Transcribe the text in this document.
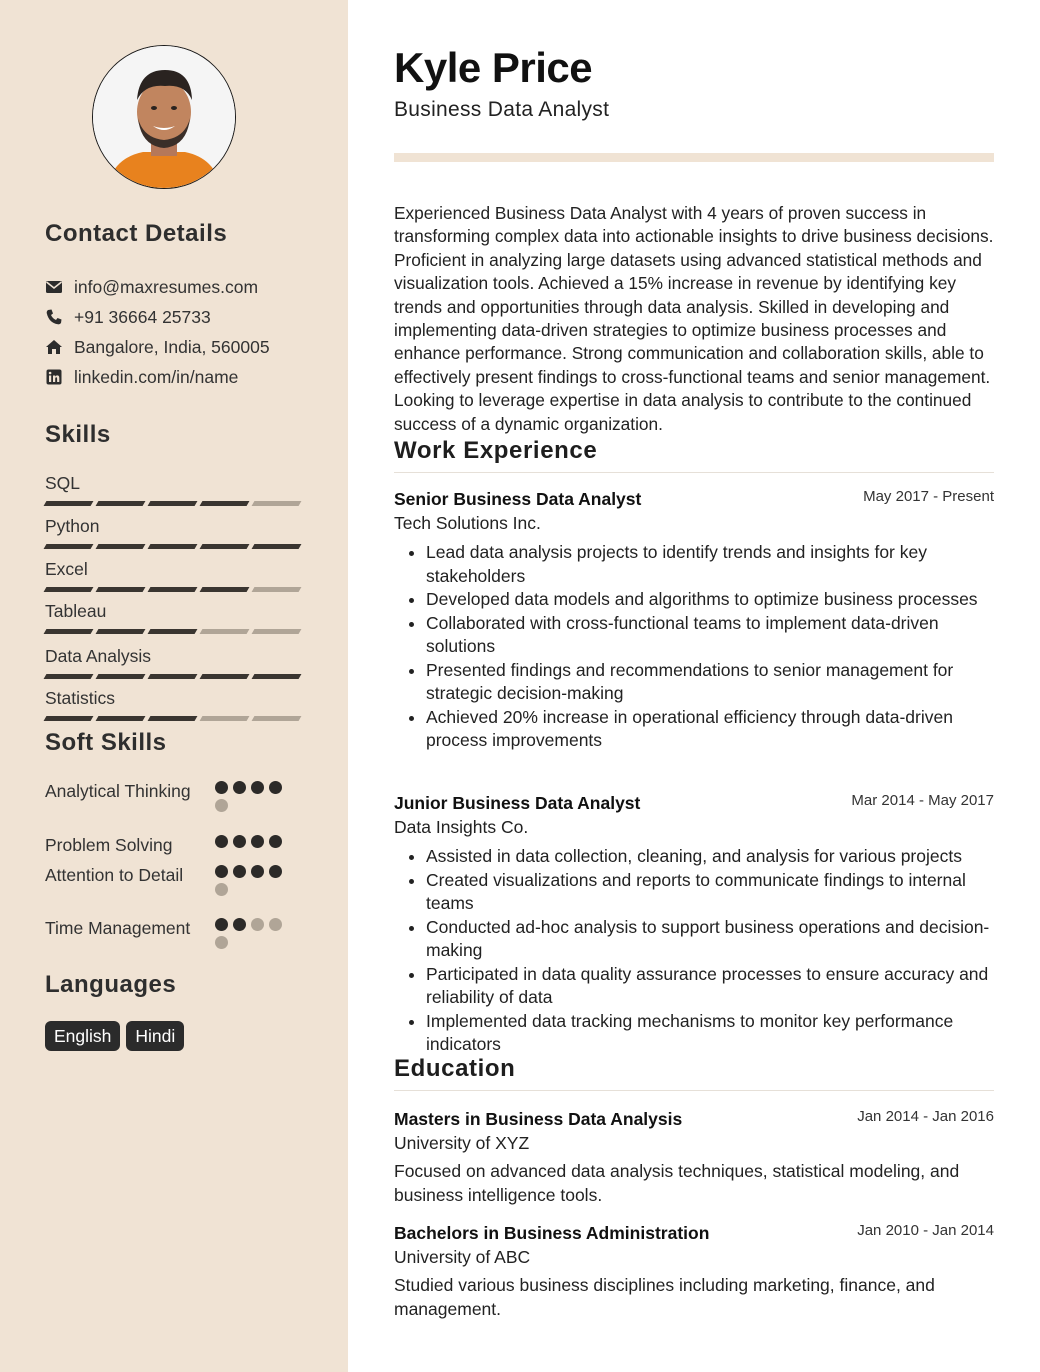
Contact Details
info@maxresumes.com
+91 36664 25733
Bangalore, India, 560005
linkedin.com/in/name
Skills
SQL
Python
Excel
Tableau
Data Analysis
Statistics
Soft Skills
Analytical Thinking
Problem Solving
Attention to Detail
Time Management
Languages
English	Hindi
Kyle Price
Business Data Analyst

Experienced Business Data Analyst with 4 years of proven success in transforming complex data into actionable insights to drive business decisions. Proficient in analyzing large datasets using advanced statistical methods and visualization tools. Achieved a 15% increase in revenue by identifying key trends and opportunities through data analysis. Skilled in developing and implementing data-driven strategies to optimize business processes and enhance performance. Strong communication and collaboration skills, able to effectively present findings to cross-functional teams and senior management. Looking to leverage expertise in data analysis to contribute to the continued success of a dynamic organization.

Work Experience
Senior Business Data Analyst	May 2017 - Present
Tech Solutions Inc.
• Lead data analysis projects to identify trends and insights for key stakeholders
• Developed data models and algorithms to optimize business processes
• Collaborated with cross-functional teams to implement data-driven solutions
• Presented findings and recommendations to senior management for strategic decision-making
• Achieved 20% increase in operational efficiency through data-driven process improvements
Junior Business Data Analyst	Mar 2014 - May 2017
Data Insights Co.
• Assisted in data collection, cleaning, and analysis for various projects
• Created visualizations and reports to communicate findings to internal teams
• Conducted ad-hoc analysis to support business operations and decision-making
• Participated in data quality assurance processes to ensure accuracy and reliability of data
• Implemented data tracking mechanisms to monitor key performance indicators
Education
Masters in Business Data Analysis	Jan 2014 - Jan 2016
University of XYZ
Focused on advanced data analysis techniques, statistical modeling, and business intelligence tools.
Bachelors in Business Administration	Jan 2010 - Jan 2014
University of ABC
Studied various business disciplines including marketing, finance, and management.
